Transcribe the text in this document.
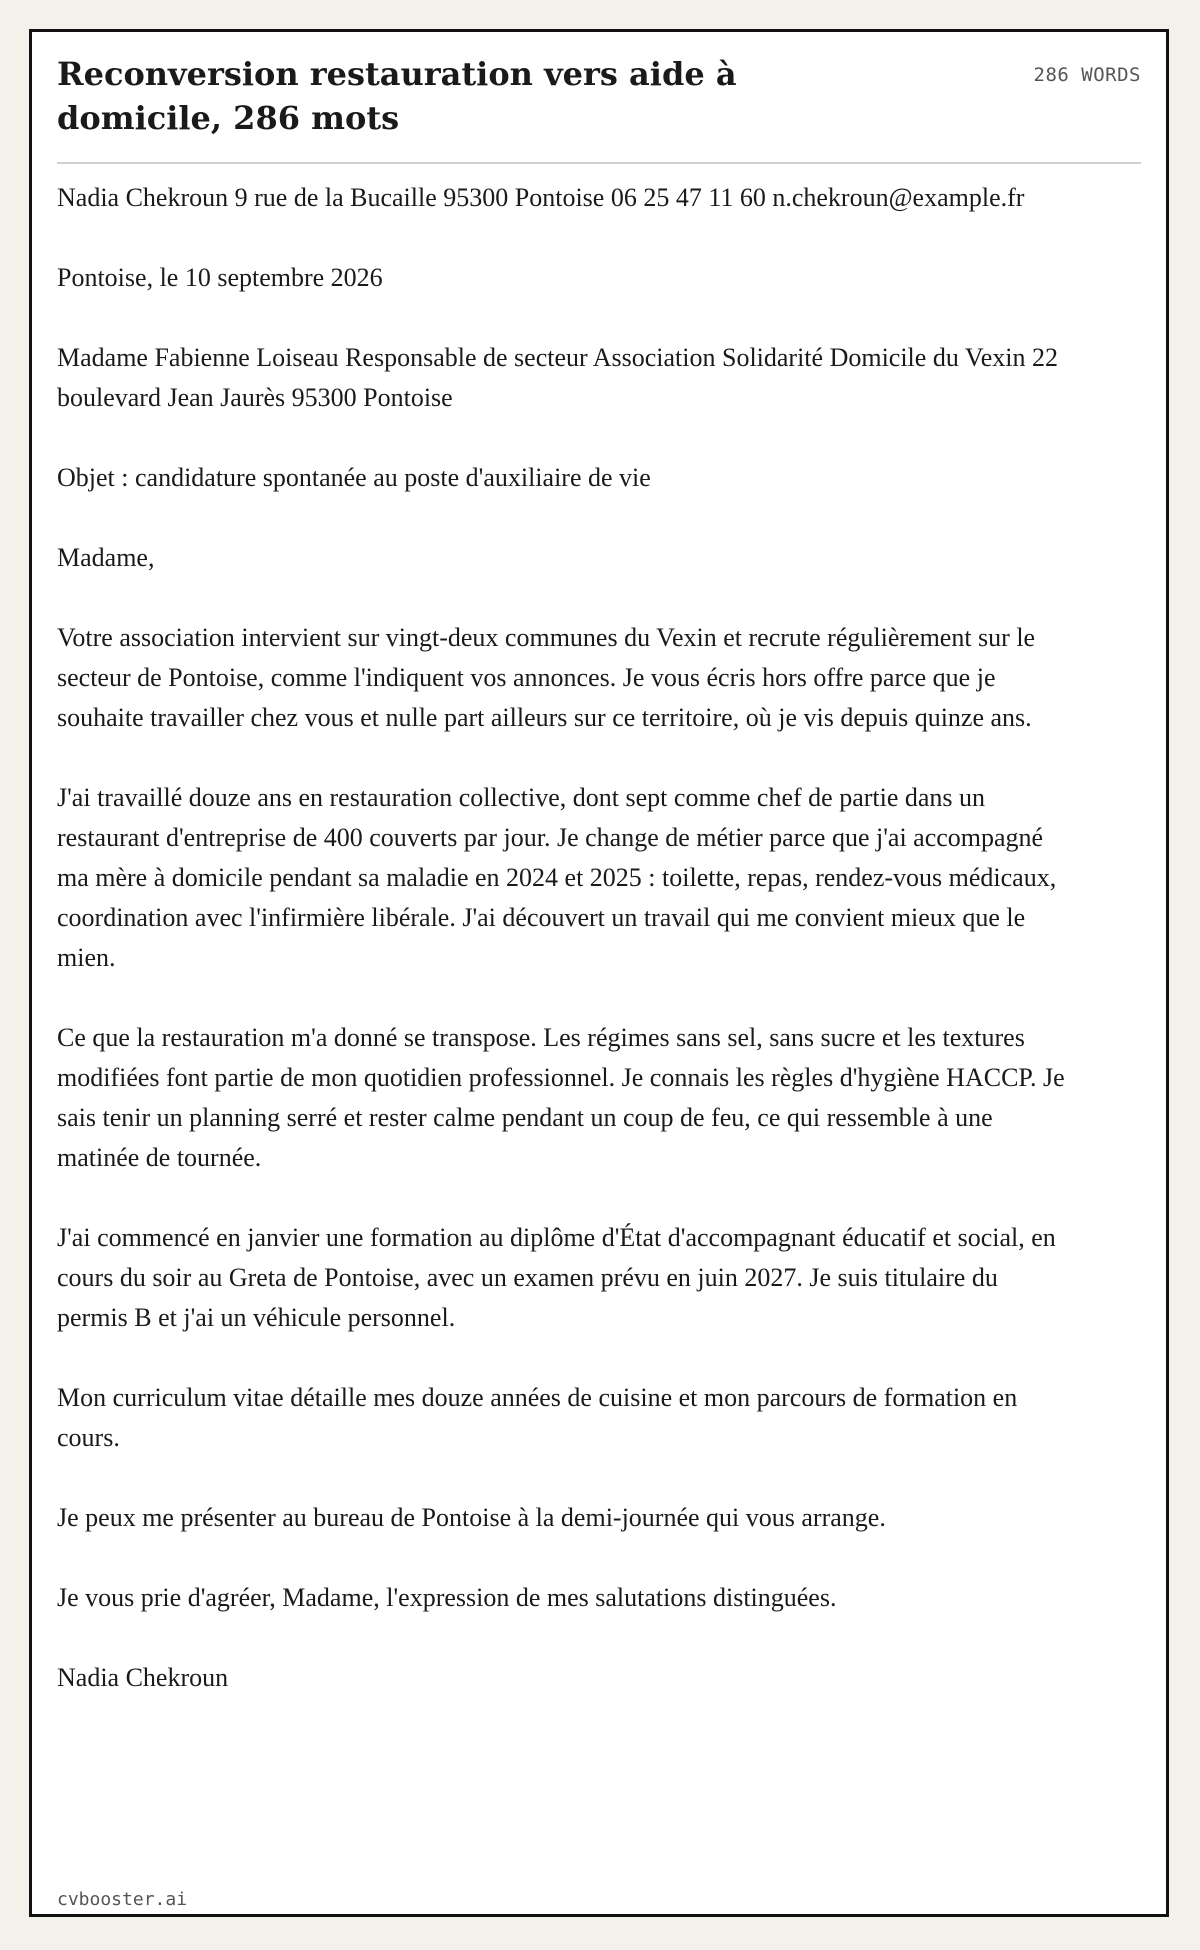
Reconversion restauration vers aide à domicile, 286 mots
286 WORDS

Nadia Chekroun 9 rue de la Bucaille 95300 Pontoise 06 25 47 11 60 n.chekroun@example.fr

Pontoise, le 10 septembre 2026

Madame Fabienne Loiseau Responsable de secteur Association Solidarité Domicile du Vexin 22 boulevard Jean Jaurès 95300 Pontoise

Objet : candidature spontanée au poste d'auxiliaire de vie

Madame,

Votre association intervient sur vingt-deux communes du Vexin et recrute régulièrement sur le secteur de Pontoise, comme l'indiquent vos annonces. Je vous écris hors offre parce que je souhaite travailler chez vous et nulle part ailleurs sur ce territoire, où je vis depuis quinze ans.

J'ai travaillé douze ans en restauration collective, dont sept comme chef de partie dans un restaurant d'entreprise de 400 couverts par jour. Je change de métier parce que j'ai accompagné ma mère à domicile pendant sa maladie en 2024 et 2025 : toilette, repas, rendez-vous médicaux, coordination avec l'infirmière libérale. J'ai découvert un travail qui me convient mieux que le mien.

Ce que la restauration m'a donné se transpose. Les régimes sans sel, sans sucre et les textures modifiées font partie de mon quotidien professionnel. Je connais les règles d'hygiène HACCP. Je sais tenir un planning serré et rester calme pendant un coup de feu, ce qui ressemble à une matinée de tournée.

J'ai commencé en janvier une formation au diplôme d'État d'accompagnant éducatif et social, en cours du soir au Greta de Pontoise, avec un examen prévu en juin 2027. Je suis titulaire du permis B et j'ai un véhicule personnel.

Mon curriculum vitae détaille mes douze années de cuisine et mon parcours de formation en cours.

Je peux me présenter au bureau de Pontoise à la demi-journée qui vous arrange.

Je vous prie d'agréer, Madame, l'expression de mes salutations distinguées.

Nadia Chekroun

cvbooster.ai
